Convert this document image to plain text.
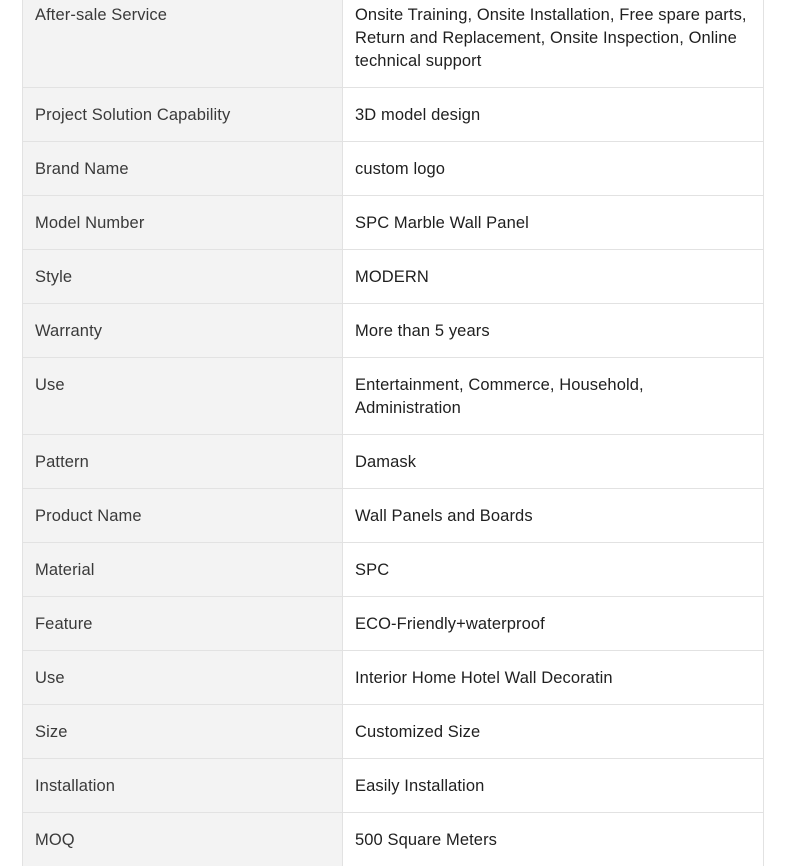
After-sale Service	Onsite Training, Onsite Installation, Free spare parts, Return and Replacement, Onsite Inspection, Online technical support
Project Solution Capability	3D model design
Brand Name	custom logo
Model Number	SPC Marble Wall Panel
Style	MODERN
Warranty	More than 5 years
Use	Entertainment, Commerce, Household, Administration
Pattern	Damask
Product Name	Wall Panels and Boards
Material	SPC
Feature	ECO-Friendly+waterproof
Use	Interior Home Hotel Wall Decoratin
Size	Customized Size
Installation	Easily Installation
MOQ	500 Square Meters
